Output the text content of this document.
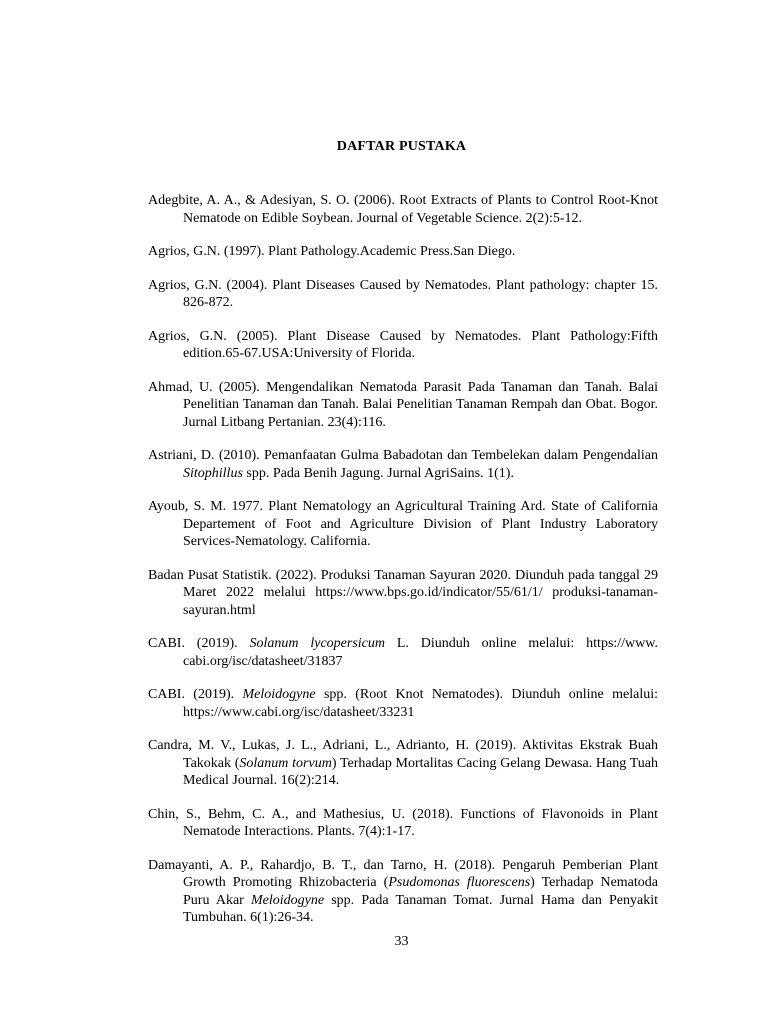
DAFTAR PUSTAKA
Adegbite, A. A., & Adesiyan, S. O. (2006). Root Extracts of Plants to Control Root-Knot Nematode on Edible Soybean. Journal of Vegetable Science. 2(2):5-12.
Agrios, G.N. (1997). Plant Pathology.Academic Press.San Diego.
Agrios, G.N. (2004). Plant Diseases Caused by Nematodes. Plant pathology: chapter 15. 826-872.
Agrios, G.N. (2005). Plant Disease Caused by Nematodes. Plant Pathology:Fifth edition.65-67.USA:University of Florida.
Ahmad, U. (2005). Mengendalikan Nematoda Parasit Pada Tanaman dan Tanah. Balai Penelitian Tanaman dan Tanah. Balai Penelitian Tanaman Rempah dan Obat. Bogor. Jurnal Litbang Pertanian. 23(4):116.
Astriani, D. (2010). Pemanfaatan Gulma Babadotan dan Tembelekan dalam Pengendalian Sitophillus spp. Pada Benih Jagung. Jurnal AgriSains. 1(1).
Ayoub, S. M. 1977. Plant Nematology an Agricultural Training Ard. State of California Departement of Foot and Agriculture Division of Plant Industry Laboratory Services-Nematology. California.
Badan Pusat Statistik. (2022). Produksi Tanaman Sayuran 2020. Diunduh pada tanggal 29 Maret 2022 melalui https://www.bps.go.id/indicator/55/61/1/ produksi-tanaman-sayuran.html
CABI. (2019). Solanum lycopersicum L. Diunduh online melalui: https://www. cabi.org/isc/datasheet/31837
CABI. (2019). Meloidogyne spp. (Root Knot Nematodes). Diunduh online melalui: https://www.cabi.org/isc/datasheet/33231
Candra, M. V., Lukas, J. L., Adriani, L., Adrianto, H. (2019). Aktivitas Ekstrak Buah Takokak (Solanum torvum) Terhadap Mortalitas Cacing Gelang Dewasa. Hang Tuah Medical Journal. 16(2):214.
Chin, S., Behm, C. A., and Mathesius, U. (2018). Functions of Flavonoids in Plant Nematode Interactions. Plants. 7(4):1-17.
Damayanti, A. P., Rahardjo, B. T., dan Tarno, H. (2018). Pengaruh Pemberian Plant Growth Promoting Rhizobacteria (Psudomonas fluorescens) Terhadap Nematoda Puru Akar Meloidogyne spp. Pada Tanaman Tomat. Jurnal Hama dan Penyakit Tumbuhan. 6(1):26-34.
33
